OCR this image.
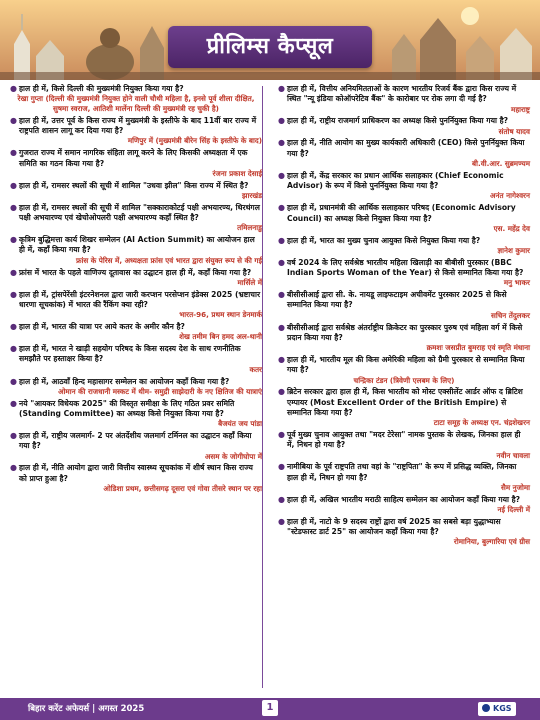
प्रीलिम्स कैप्सूल
● हाल ही में, किसे दिल्ली की मुख्यमंत्री नियुक्त किया गया है?
रेखा गुप्ता (दिल्ली की मुख्यमंत्री नियुक्त होने वाली चौथी महिला है, इनसे पूर्व शीला दीक्षित, सुषमा स्वराज, आतिशी मार्लेना दिल्ली की मुख्यमंत्री रह चुकी है)
● हाल ही में, उत्तर पूर्व के किस राज्य में मुख्यमंत्री के इस्तीफे के बाद 11वीं बार राज्य में राष्ट्रपति शासन लागू कर दिया गया है?
मणिपुर में (मुख्यमंत्री बीरेन सिंह के इस्तीफे के बाद)
● गुजरात राज्य में समान नागरिक संहिता लागू करने के लिए किसकी अध्यक्षता में एक समिति का गठन किया गया है?
रंजना प्रकाश देसाई
● हाल ही में, रामसर स्थलों की सूची में शामिल "उधवा झील" किस राज्य में स्थित है?
झारखंड
● हाल ही में, रामसर स्थलों की सूची में शामिल "सक्काराकोटई पक्षी अभयारण्य, थिरथंगल पक्षी अभयारण्य एवं खेचोओपलरी पक्षी अभयारण्य कहाँ स्थित है?
तमिलनाडु
● कृत्रिम बुद्धिमत्ता कार्य शिखर सम्मेलन (AI Action Summit) का आयोजन हाल ही में, कहाँ किया गया है?
फ्रांस के पेरिस में, अध्यक्षता फ्रांस एवं भारत द्वारा संयुक्त रूप से की गई
● फ्रांस में भारत के पहले वाणिज्य दूतावास का उद्घाटन हाल ही में, कहाँ किया गया है?
मार्सिले में
● हाल ही में, ट्रांसपेरेंसी इंटरनेशनल द्वारा जारी करप्शन परसेप्शन इंडेक्स 2025 (भ्रष्टाचार धारणा सूचकांक) में भारत की रैंकिंग क्या रही?
भारत-96, प्रथम स्थान डेनमार्क
● हाल ही में, भारत की यात्रा पर आये कतर के अमीर कौन है?
शेख तमीम बिन हमद अल-थानी
● हाल ही में, भारत ने खाड़ी सहयोग परिषद के किस सदस्य देश के साथ रणनीतिक समझौते पर हस्ताक्षर किया है?
कतर
● हाल ही में, आठवाँ हिन्द महासागर सम्मेलन का आयोजन कहाँ किया गया है?
ओमान की राजधानी मस्कट में थीम- समुद्री साझेदारी के नए क्षितिज की यात्राएं
● नये "आयकर विधेयक 2025" की विस्तृत समीक्षा के लिए गठित प्रवर समिति (Standing Committee) का अध्यक्ष किसे नियुक्त किया गया है?
बैजयंत जय पांडा
● हाल ही में, राष्ट्रीय जलमार्ग- 2 पर अंतर्देशीय जलमार्ग टर्मिनल का उद्घाटन कहाँ किया गया है?
असम के जोगीघोपा में
● हाल ही में, नीति आयोग द्वारा जारी वित्तीय स्वास्थ्य सूचकांक में शीर्ष स्थान किस राज्य को प्राप्त हुआ है?
ओडिशा प्रथम, छत्तीसगढ़ दूसरा एवं गोवा तीसरे स्थान पर रहा
● हाल ही में, वित्तीय अनियमितताओं के कारण भारतीय रिजर्व बैंक द्वारा किस राज्य में स्थित "न्यू इंडिया कोऑपरेटिव बैंक" के कारोबार पर रोक लगा दी गई है?
महाराष्ट्र
● हाल ही में, राष्ट्रीय राजमार्ग प्राधिकरण का अध्यक्ष किसे पुनर्नियुक्त किया गया है?
संतोष यादव
● हाल ही में, नीति आयोग का मुख्य कार्यकारी अधिकारी (CEO) किसे पुनर्नियुक्त किया गया है?
बी.वी.आर. सुब्रमण्यम
● हाल ही में, केंद्र सरकार का प्रधान आर्थिक सलाहकार (Chief Economic Advisor) के रूप में किसे पुनर्नियुक्त किया गया है?
अनंत नागेश्वरन
● हाल ही में, प्रधानमंत्री की आर्थिक सलाहकार परिषद (Economic Advisory Council) का अध्यक्ष किसे नियुक्त किया गया है?
एस. महेंद्र देव
● हाल ही में, भारत का मुख्य चुनाव आयुक्त किसे नियुक्त किया गया है?
ज्ञानेश कुमार
● वर्ष 2024 के लिए सर्वश्रेष्ठ भारतीय महिला खिलाड़ी का बीबीसी पुरस्कार (BBC Indian Sports Woman of the Year) से किसे सम्मानित किया गया है?
मनु भाकर
● बीसीसीआई द्वारा सी. के. नायडू लाइफटाइम अचीवमेंट पुरस्कार 2025 से किसे सम्मानित किया गया है?
सचिन तेंदुलकर
● बीसीसीआई द्वारा सर्वश्रेष्ठ अंतर्राष्ट्रीय क्रिकेटर का पुरस्कार पुरुष एवं महिला वर्ग में किसे प्रदान किया गया है?
क्रमशः जसप्रीत बुमराह एवं स्मृति मंधाना
● हाल ही में, भारतीय मूल की किस अमेरिकी महिला को ग्रैमी पुरस्कार से सम्मानित किया गया है?
चन्द्रिका टंडन (त्रिवेणी एलबम के लिए)
● ब्रिटेन सरकार द्वारा हाल ही में, किस भारतीय को मोस्ट एक्सीलेंट आर्डर ऑफ द ब्रिटिश एम्पायर (Most Excellent Order of the British Empire) से सम्मानित किया गया है?
टाटा समूह के अध्यक्ष एन. चंद्रशेखरन
● पूर्व मुख्य चुनाव आयुक्त तथा "मदर टेरेसा" नामक पुस्तक के लेखक, जिनका हाल ही में, निधन हो गया है?
नवीन चावला
● नामीबिया के पूर्व राष्ट्रपति तथा वहां के "राष्ट्रपिता" के रूप में प्रसिद्ध व्यक्ति, जिनका हाल ही में, निधन हो गया है?
सैम नुजोमा
● हाल ही में, अखिल भारतीय मराठी साहित्य सम्मेलन का आयोजन कहाँ किया गया है?
नई दिल्ली में
● हाल ही में, नाटो के 9 सदस्य राष्ट्रों द्वारा वर्ष 2025 का सबसे बड़ा युद्धाभ्यास "स्टेडफास्ट डार्ट 25" का आयोजन कहाँ किया गया है?
रोमानिया, बुल्गारिया एवं ग्रीस
बिहार करेंट अफेयर्स | अगस्त 2025	1	KGS
